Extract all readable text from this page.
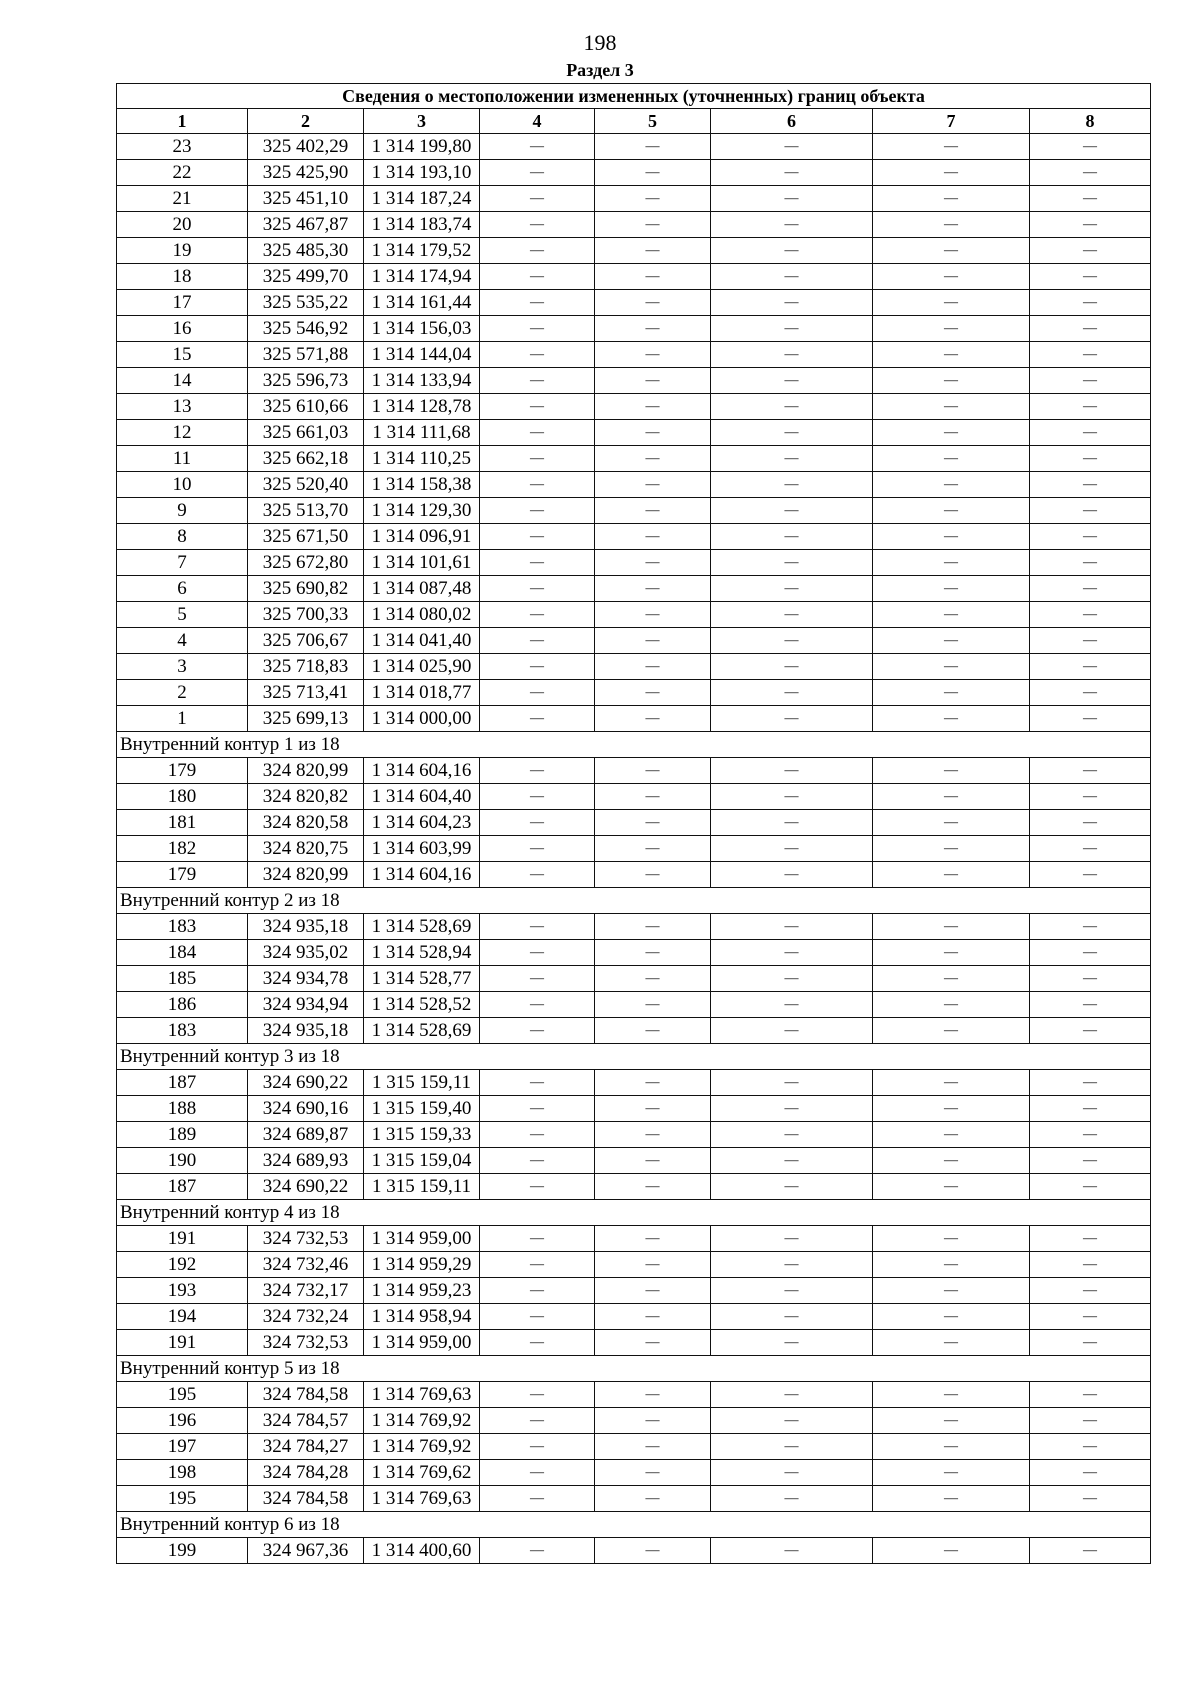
198
Раздел 3
Сведения о местоположении измененных (уточненных) границ объекта							
1	2	3	4	5	6	7	8
23	325 402,29	1 314 199,80	—	—	—	—	—
22	325 425,90	1 314 193,10	—	—	—	—	—
21	325 451,10	1 314 187,24	—	—	—	—	—
20	325 467,87	1 314 183,74	—	—	—	—	—
19	325 485,30	1 314 179,52	—	—	—	—	—
18	325 499,70	1 314 174,94	—	—	—	—	—
17	325 535,22	1 314 161,44	—	—	—	—	—
16	325 546,92	1 314 156,03	—	—	—	—	—
15	325 571,88	1 314 144,04	—	—	—	—	—
14	325 596,73	1 314 133,94	—	—	—	—	—
13	325 610,66	1 314 128,78	—	—	—	—	—
12	325 661,03	1 314 111,68	—	—	—	—	—
11	325 662,18	1 314 110,25	—	—	—	—	—
10	325 520,40	1 314 158,38	—	—	—	—	—
9	325 513,70	1 314 129,30	—	—	—	—	—
8	325 671,50	1 314 096,91	—	—	—	—	—
7	325 672,80	1 314 101,61	—	—	—	—	—
6	325 690,82	1 314 087,48	—	—	—	—	—
5	325 700,33	1 314 080,02	—	—	—	—	—
4	325 706,67	1 314 041,40	—	—	—	—	—
3	325 718,83	1 314 025,90	—	—	—	—	—
2	325 713,41	1 314 018,77	—	—	—	—	—
1	325 699,13	1 314 000,00	—	—	—	—	—
Внутренний контур 1 из 18							
179	324 820,99	1 314 604,16	—	—	—	—	—
180	324 820,82	1 314 604,40	—	—	—	—	—
181	324 820,58	1 314 604,23	—	—	—	—	—
182	324 820,75	1 314 603,99	—	—	—	—	—
179	324 820,99	1 314 604,16	—	—	—	—	—
Внутренний контур 2 из 18							
183	324 935,18	1 314 528,69	—	—	—	—	—
184	324 935,02	1 314 528,94	—	—	—	—	—
185	324 934,78	1 314 528,77	—	—	—	—	—
186	324 934,94	1 314 528,52	—	—	—	—	—
183	324 935,18	1 314 528,69	—	—	—	—	—
Внутренний контур 3 из 18							
187	324 690,22	1 315 159,11	—	—	—	—	—
188	324 690,16	1 315 159,40	—	—	—	—	—
189	324 689,87	1 315 159,33	—	—	—	—	—
190	324 689,93	1 315 159,04	—	—	—	—	—
187	324 690,22	1 315 159,11	—	—	—	—	—
Внутренний контур 4 из 18							
191	324 732,53	1 314 959,00	—	—	—	—	—
192	324 732,46	1 314 959,29	—	—	—	—	—
193	324 732,17	1 314 959,23	—	—	—	—	—
194	324 732,24	1 314 958,94	—	—	—	—	—
191	324 732,53	1 314 959,00	—	—	—	—	—
Внутренний контур 5 из 18							
195	324 784,58	1 314 769,63	—	—	—	—	—
196	324 784,57	1 314 769,92	—	—	—	—	—
197	324 784,27	1 314 769,92	—	—	—	—	—
198	324 784,28	1 314 769,62	—	—	—	—	—
195	324 784,58	1 314 769,63	—	—	—	—	—
Внутренний контур 6 из 18							
199	324 967,36	1 314 400,60	—	—	—	—	—
